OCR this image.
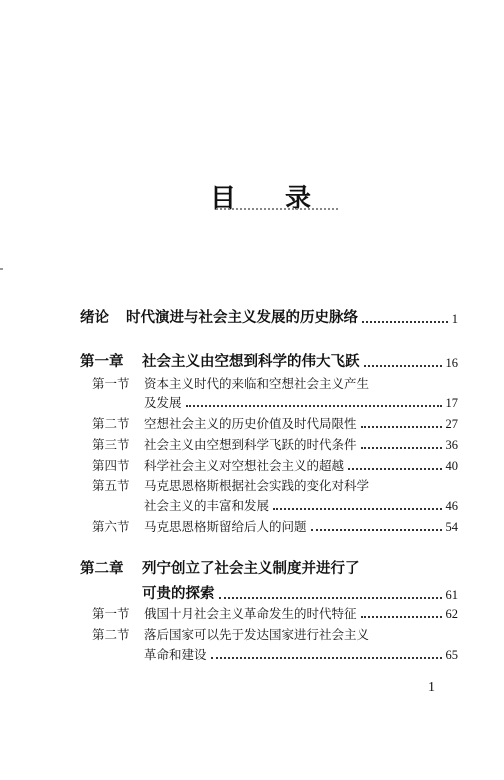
目 录
绪论	时代演进与社会主义发展的历史脉络	1
第一章	社会主义由空想到科学的伟大飞跃	16
第一节	资本主义时代的来临和空想社会主义产生
及发展	17
第二节	空想社会主义的历史价值及时代局限性	27
第三节	社会主义由空想到科学飞跃的时代条件	36
第四节	科学社会主义对空想社会主义的超越	40
第五节	马克思恩格斯根据社会实践的变化对科学
社会主义的丰富和发展	46
第六节	马克思恩格斯留给后人的问题	54
第二章	列宁创立了社会主义制度并进行了
可贵的探索	61
第一节	俄国十月社会主义革命发生的时代特征	62
第二节	落后国家可以先于发达国家进行社会主义
革命和建设	65
1
